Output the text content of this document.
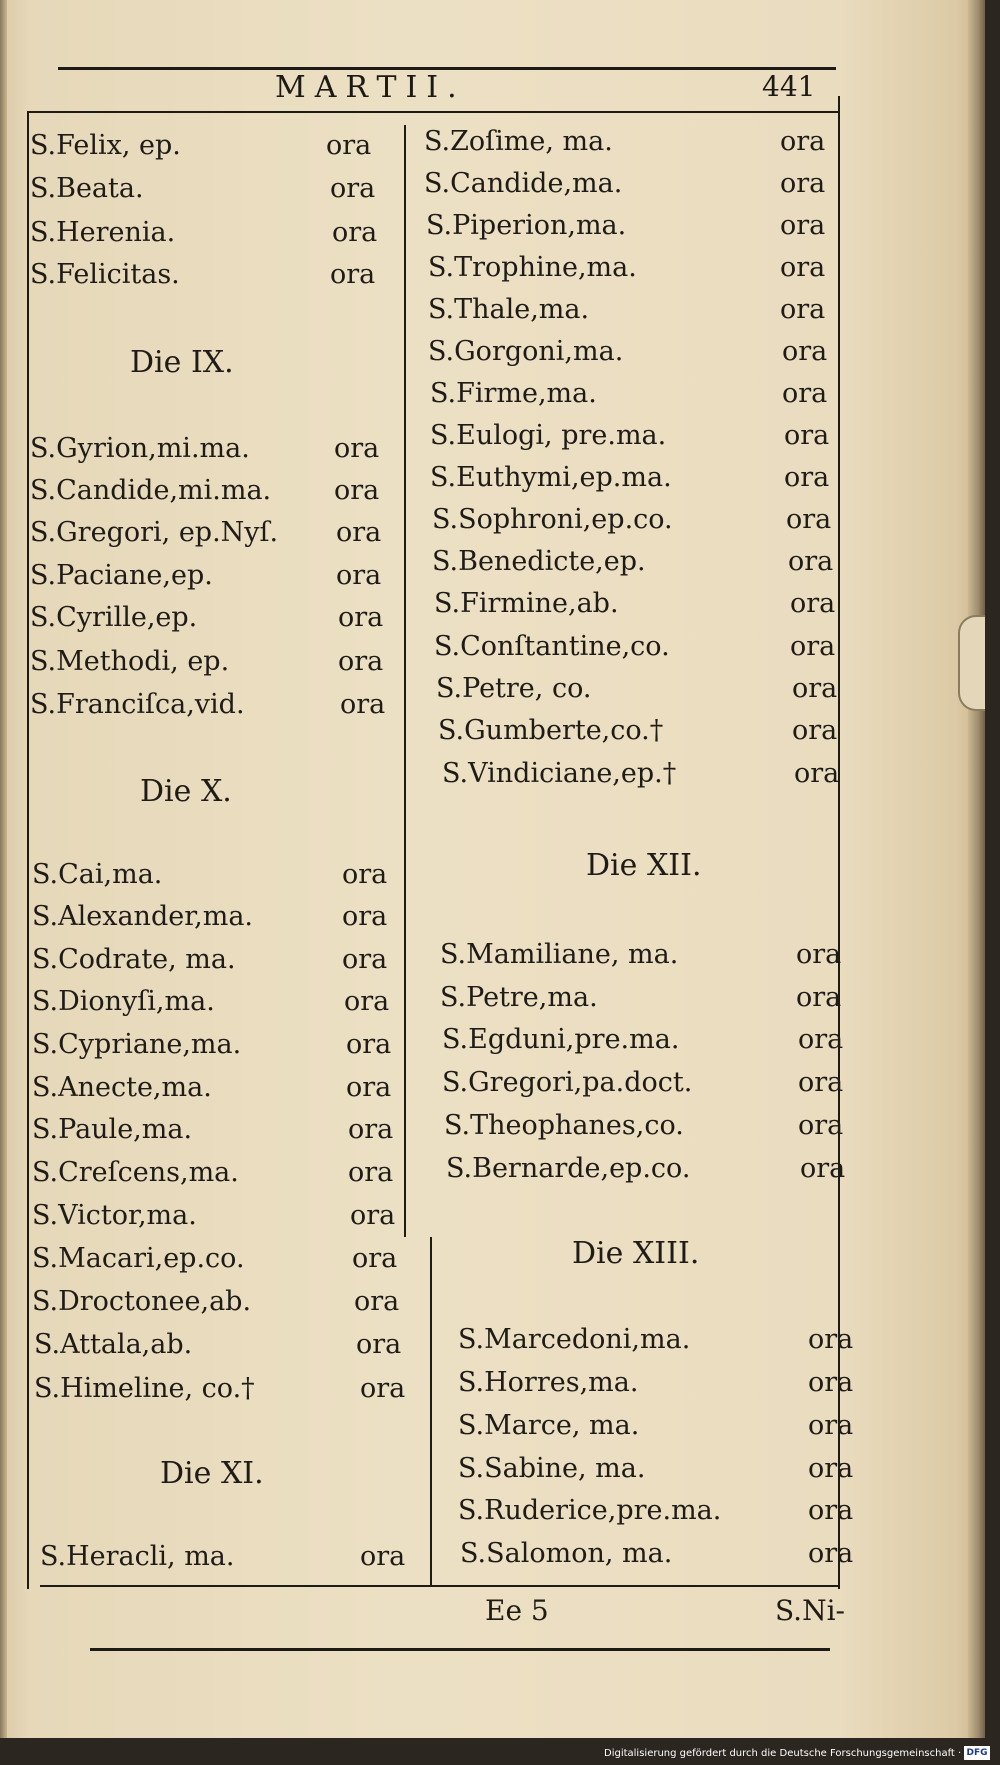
MARTII.	441
S.Felix, ep.	ora
S.Beata.	ora
S.Herenia.	ora
S.Felicitas.	ora
Die IX.
S.Gyrion,mi.ma.	ora
S.Candide,mi.ma. ora
S.Gregori, ep.Nyſ. ora
S.Paciane,ep.	ora
S.Cyrille,ep.	ora
S.Methodi, ep.	ora
S.Franciſca,vid.	ora
Die X.
S.Cai,ma.	ora
S.Alexander,ma.	ora
S.Codrate, ma.	ora
S.Dionyſi,ma.	ora
S.Cypriane,ma.	ora
S.Anecte,ma.	ora
S.Paule,ma.	ora
S.Creſcens,ma.	ora
S.Victor,ma.	ora
S.Macari,ep.co.	ora
S.Droctonee,ab.	ora
S.Attala,ab.	ora
S.Himeline, co.†	ora
Die XI.
S.Heracli, ma.	ora
S.Zoſime, ma.	ora
S.Candide,ma.	ora
S.Piperion,ma.	ora
S.Trophine,ma.	ora
S.Thale,ma.	ora
S.Gorgoni,ma.	ora
S.Firme,ma.	ora
S.Eulogi, pre.ma.	ora
S.Euthymi,ep.ma.	ora
S.Sophroni,ep.co.	ora
S.Benedicte,ep.	ora
S.Firmine,ab.	ora
S.Conſtantine,co.	ora
S.Petre, co.	ora
S.Gumberte,co.†	ora
S.Vindiciane,ep.†	ora
Die XII.
S.Mamiliane, ma.	ora
S.Petre,ma.	ora
S.Egduni,pre.ma.	ora
S.Gregori,pa.doct.	ora
S.Theophanes,co.	ora
S.Bernarde,ep.co.	ora
Die XIII.
S.Marcedoni,ma.	ora
S.Horres,ma.	ora
S.Marce, ma.	ora
S.Sabine, ma.	ora
S.Ruderice,pre.ma.	ora
S.Salomon, ma.	ora
Ee 5	S.Ni-
Digitalisierung gefördert durch die Deutsche Forschungsgemeinschaft · DFG
